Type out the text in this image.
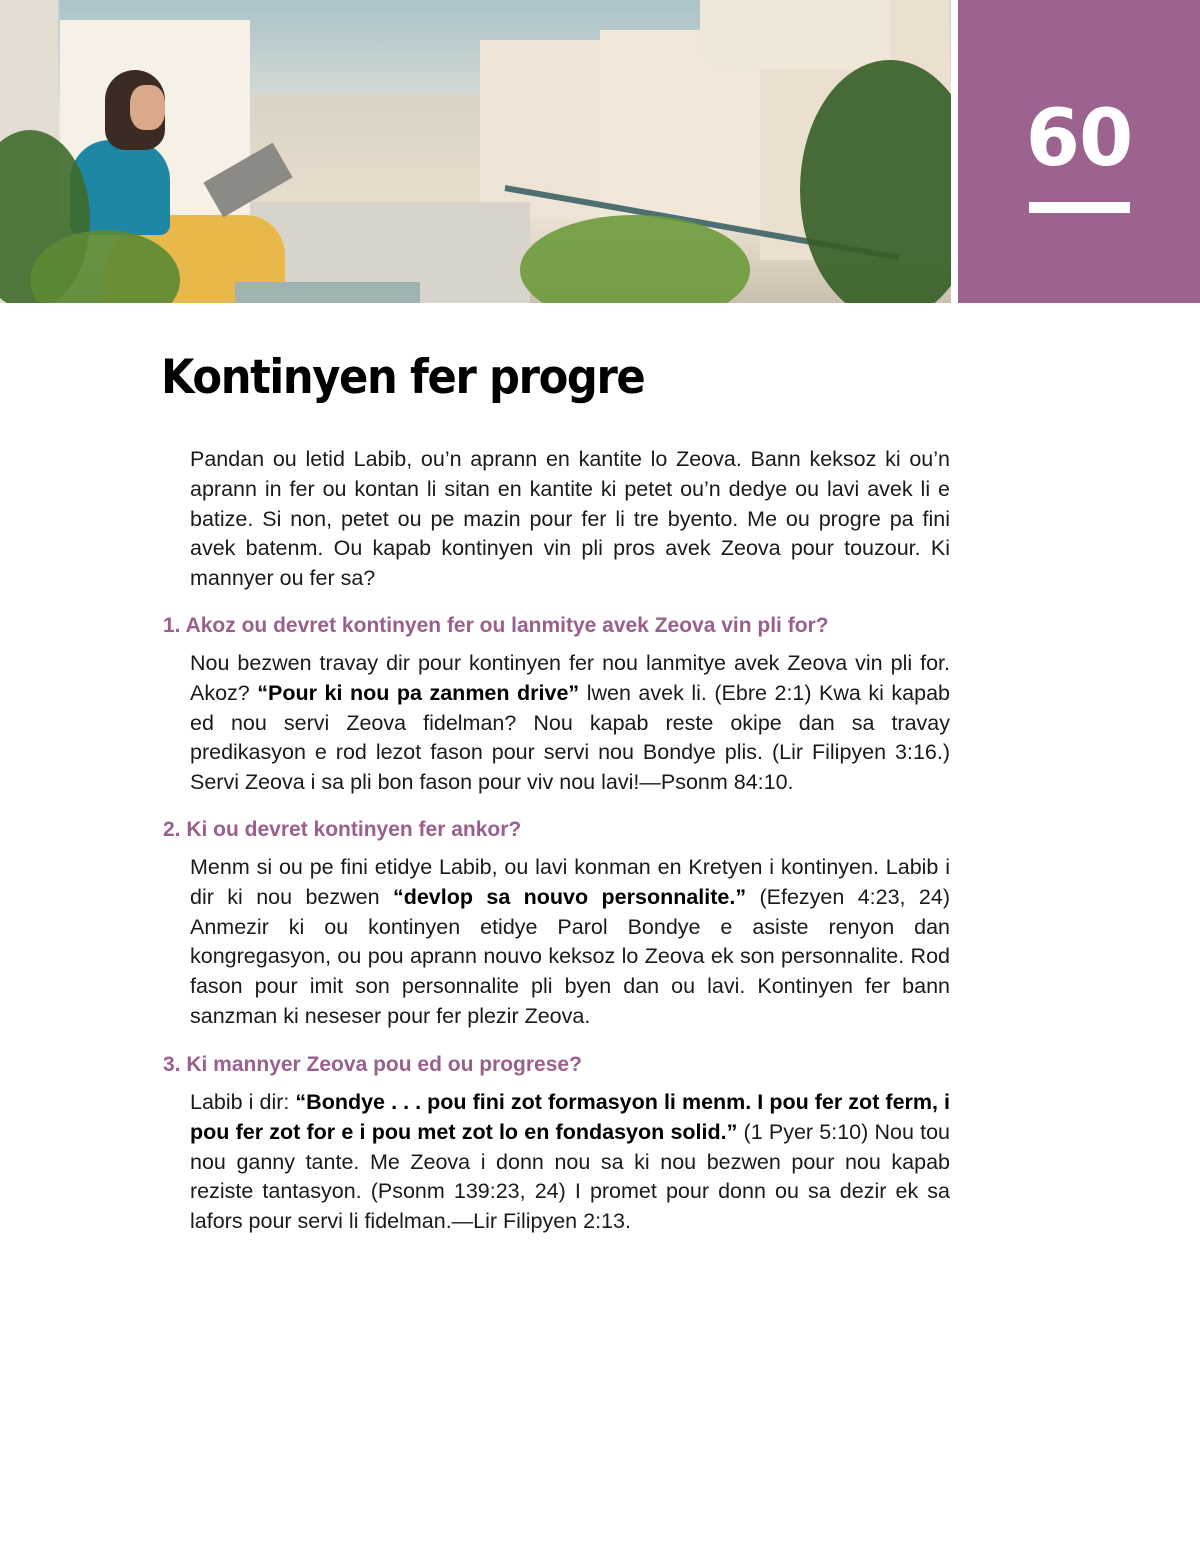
60
Kontinyen fer progre

Pandan ou letid Labib, ou’n aprann en kantite lo Zeova. Bann keksoz ki ou’n aprann in fer ou kontan li sitan en kantite ki petet ou’n dedye ou lavi avek li e batize. Si non, petet ou pe mazin pour fer li tre byento. Me ou progre pa fini avek batenm. Ou kapab kontinyen vin pli pros avek Zeova pour touzour. Ki mannyer ou fer sa?

1. Akoz ou devret kontinyen fer ou lanmitye avek Zeova vin pli for?

Nou bezwen travay dir pour kontinyen fer nou lanmitye avek Zeova vin pli for. Akoz? “Pour ki nou pa zanmen drive” lwen avek li. (Ebre 2:1) Kwa ki kapab ed nou servi Zeova fidelman? Nou kapab reste okipe dan sa travay predikasyon e rod lezot fason pour servi nou Bondye plis. (Lir Filipyen 3:16.) Servi Zeova i sa pli bon fason pour viv nou lavi!—Psonm 84:10.

2. Ki ou devret kontinyen fer ankor?

Menm si ou pe fini etidye Labib, ou lavi konman en Kretyen i kontinyen. Labib i dir ki nou bezwen “devlop sa nouvo personnalite.” (Efezyen 4:23, 24) Anmezir ki ou kontinyen etidye Parol Bondye e asiste renyon dan kongregasyon, ou pou aprann nouvo keksoz lo Zeova ek son personnalite. Rod fason pour imit son personnalite pli byen dan ou lavi. Kontinyen fer bann sanzman ki neseser pour fer plezir Zeova.

3. Ki mannyer Zeova pou ed ou progrese?

Labib i dir: “Bondye . . . pou fini zot formasyon li menm. I pou fer zot ferm, i pou fer zot for e i pou met zot lo en fondasyon solid.” (1 Pyer 5:10) Nou tou nou ganny tante. Me Zeova i donn nou sa ki nou bezwen pour nou kapab reziste tantasyon. (Psonm 139:23, 24) I promet pour donn ou sa dezir ek sa lafors pour servi li fidelman.—Lir Filipyen 2:13.
